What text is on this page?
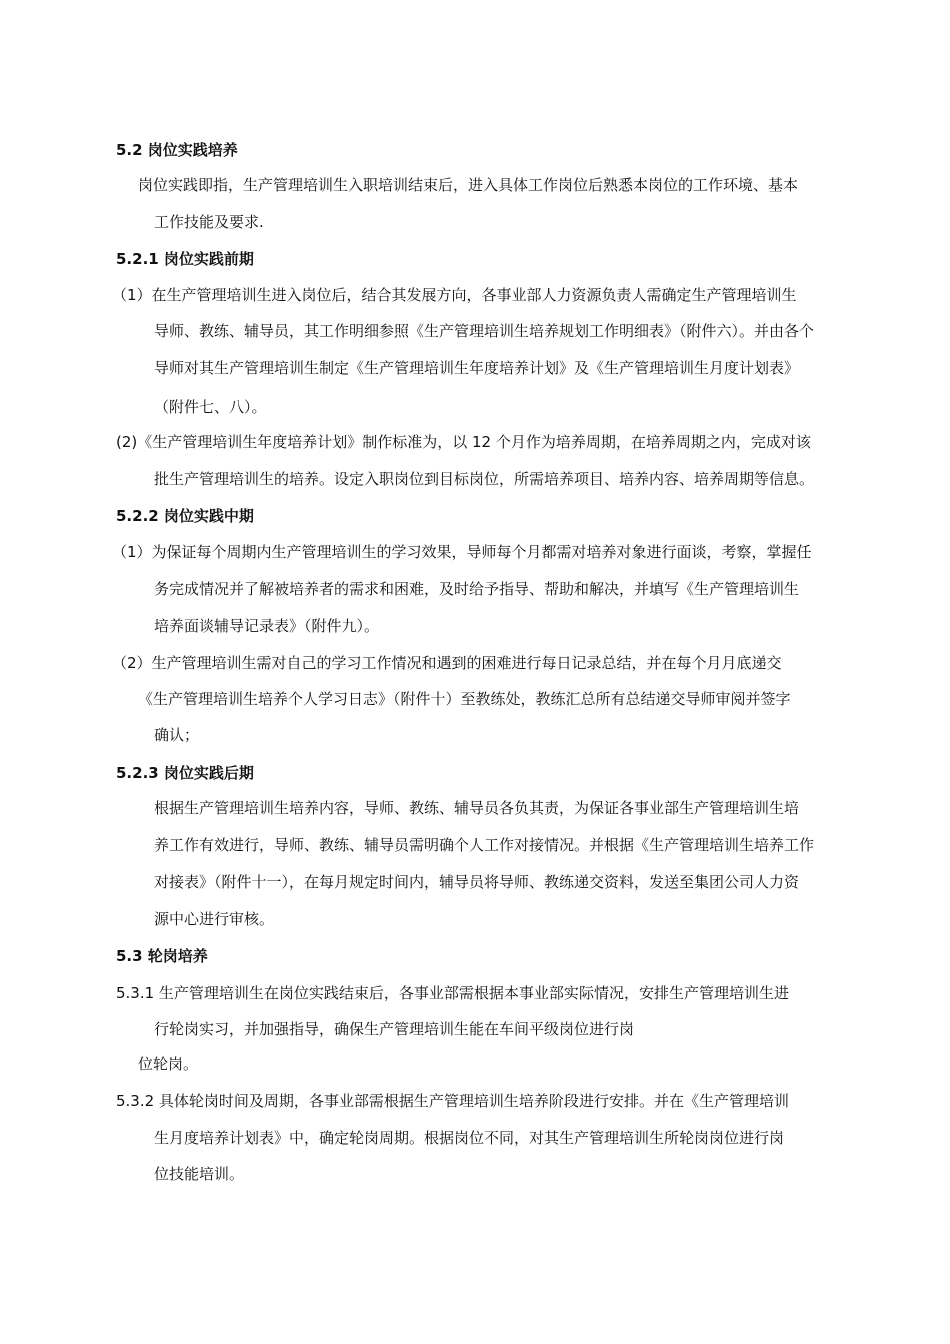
5.2 岗位实践培养
岗位实践即指，生产管理培训生入职培训结束后，进入具体工作岗位后熟悉本岗位的工作环境、基本
工作技能及要求.
5.2.1 岗位实践前期
（1）在生产管理培训生进入岗位后，结合其发展方向，各事业部人力资源负责人需确定生产管理培训生
导师、教练、辅导员，其工作明细参照《生产管理培训生培养规划工作明细表》（附件六）。并由各个
导师对其生产管理培训生制定《生产管理培训生年度培养计划》及《生产管理培训生月度计划表》
（附件七、八）。
(2)《生产管理培训生年度培养计划》制作标准为，以 12 个月作为培养周期，在培养周期之内，完成对该
批生产管理培训生的培养。设定入职岗位到目标岗位，所需培养项目、培养内容、培养周期等信息。
5.2.2 岗位实践中期
（1）为保证每个周期内生产管理培训生的学习效果，导师每个月都需对培养对象进行面谈，考察，掌握任
务完成情况并了解被培养者的需求和困难，及时给予指导、帮助和解决，并填写《生产管理培训生
培养面谈辅导记录表》（附件九）。
（2）生产管理培训生需对自己的学习工作情况和遇到的困难进行每日记录总结，并在每个月月底递交
《生产管理培训生培养个人学习日志》（附件十）至教练处，教练汇总所有总结递交导师审阅并签字
确认；
5.2.3 岗位实践后期
根据生产管理培训生培养内容，导师、教练、辅导员各负其责，为保证各事业部生产管理培训生培
养工作有效进行，导师、教练、辅导员需明确个人工作对接情况。并根据《生产管理培训生培养工作
对接表》（附件十一），在每月规定时间内，辅导员将导师、教练递交资料，发送至集团公司人力资
源中心进行审核。
5.3 轮岗培养
5.3.1 生产管理培训生在岗位实践结束后，各事业部需根据本事业部实际情况，安排生产管理培训生进
行轮岗实习，并加强指导，确保生产管理培训生能在车间平级岗位进行岗
位轮岗。
5.3.2 具体轮岗时间及周期，各事业部需根据生产管理培训生培养阶段进行安排。并在《生产管理培训
生月度培养计划表》中，确定轮岗周期。根据岗位不同，对其生产管理培训生所轮岗岗位进行岗
位技能培训。
